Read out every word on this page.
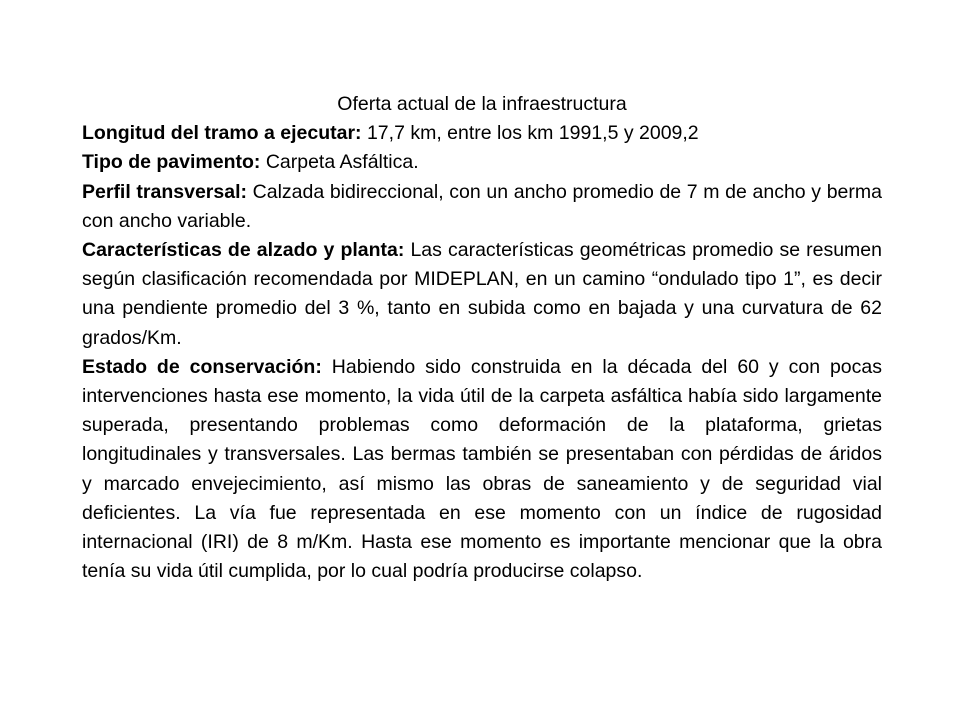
Oferta actual de la infraestructura

Longitud del tramo a ejecutar: 17,7 km, entre los km 1991,5 y 2009,2

Tipo de pavimento: Carpeta Asfáltica.

Perfil transversal: Calzada bidireccional, con un ancho promedio de 7 m de ancho y berma con ancho variable.

Características de alzado y planta: Las características geométricas promedio se resumen según clasificación recomendada por MIDEPLAN, en un camino “ondulado tipo 1”, es decir una pendiente promedio del 3 %, tanto en subida como en bajada y una curvatura de 62 grados/Km.

Estado de conservación: Habiendo sido construida en la década del 60 y con pocas intervenciones hasta ese momento, la vida útil de la carpeta asfáltica había sido largamente superada, presentando problemas como deformación de la plataforma, grietas longitudinales y transversales. Las bermas también se presentaban con pérdidas de áridos y marcado envejecimiento, así mismo las obras de saneamiento y de seguridad vial deficientes. La vía fue representada en ese momento con un índice de rugosidad internacional (IRI) de 8 m/Km. Hasta ese momento es importante mencionar que la obra tenía su vida útil cumplida, por lo cual podría producirse colapso.
